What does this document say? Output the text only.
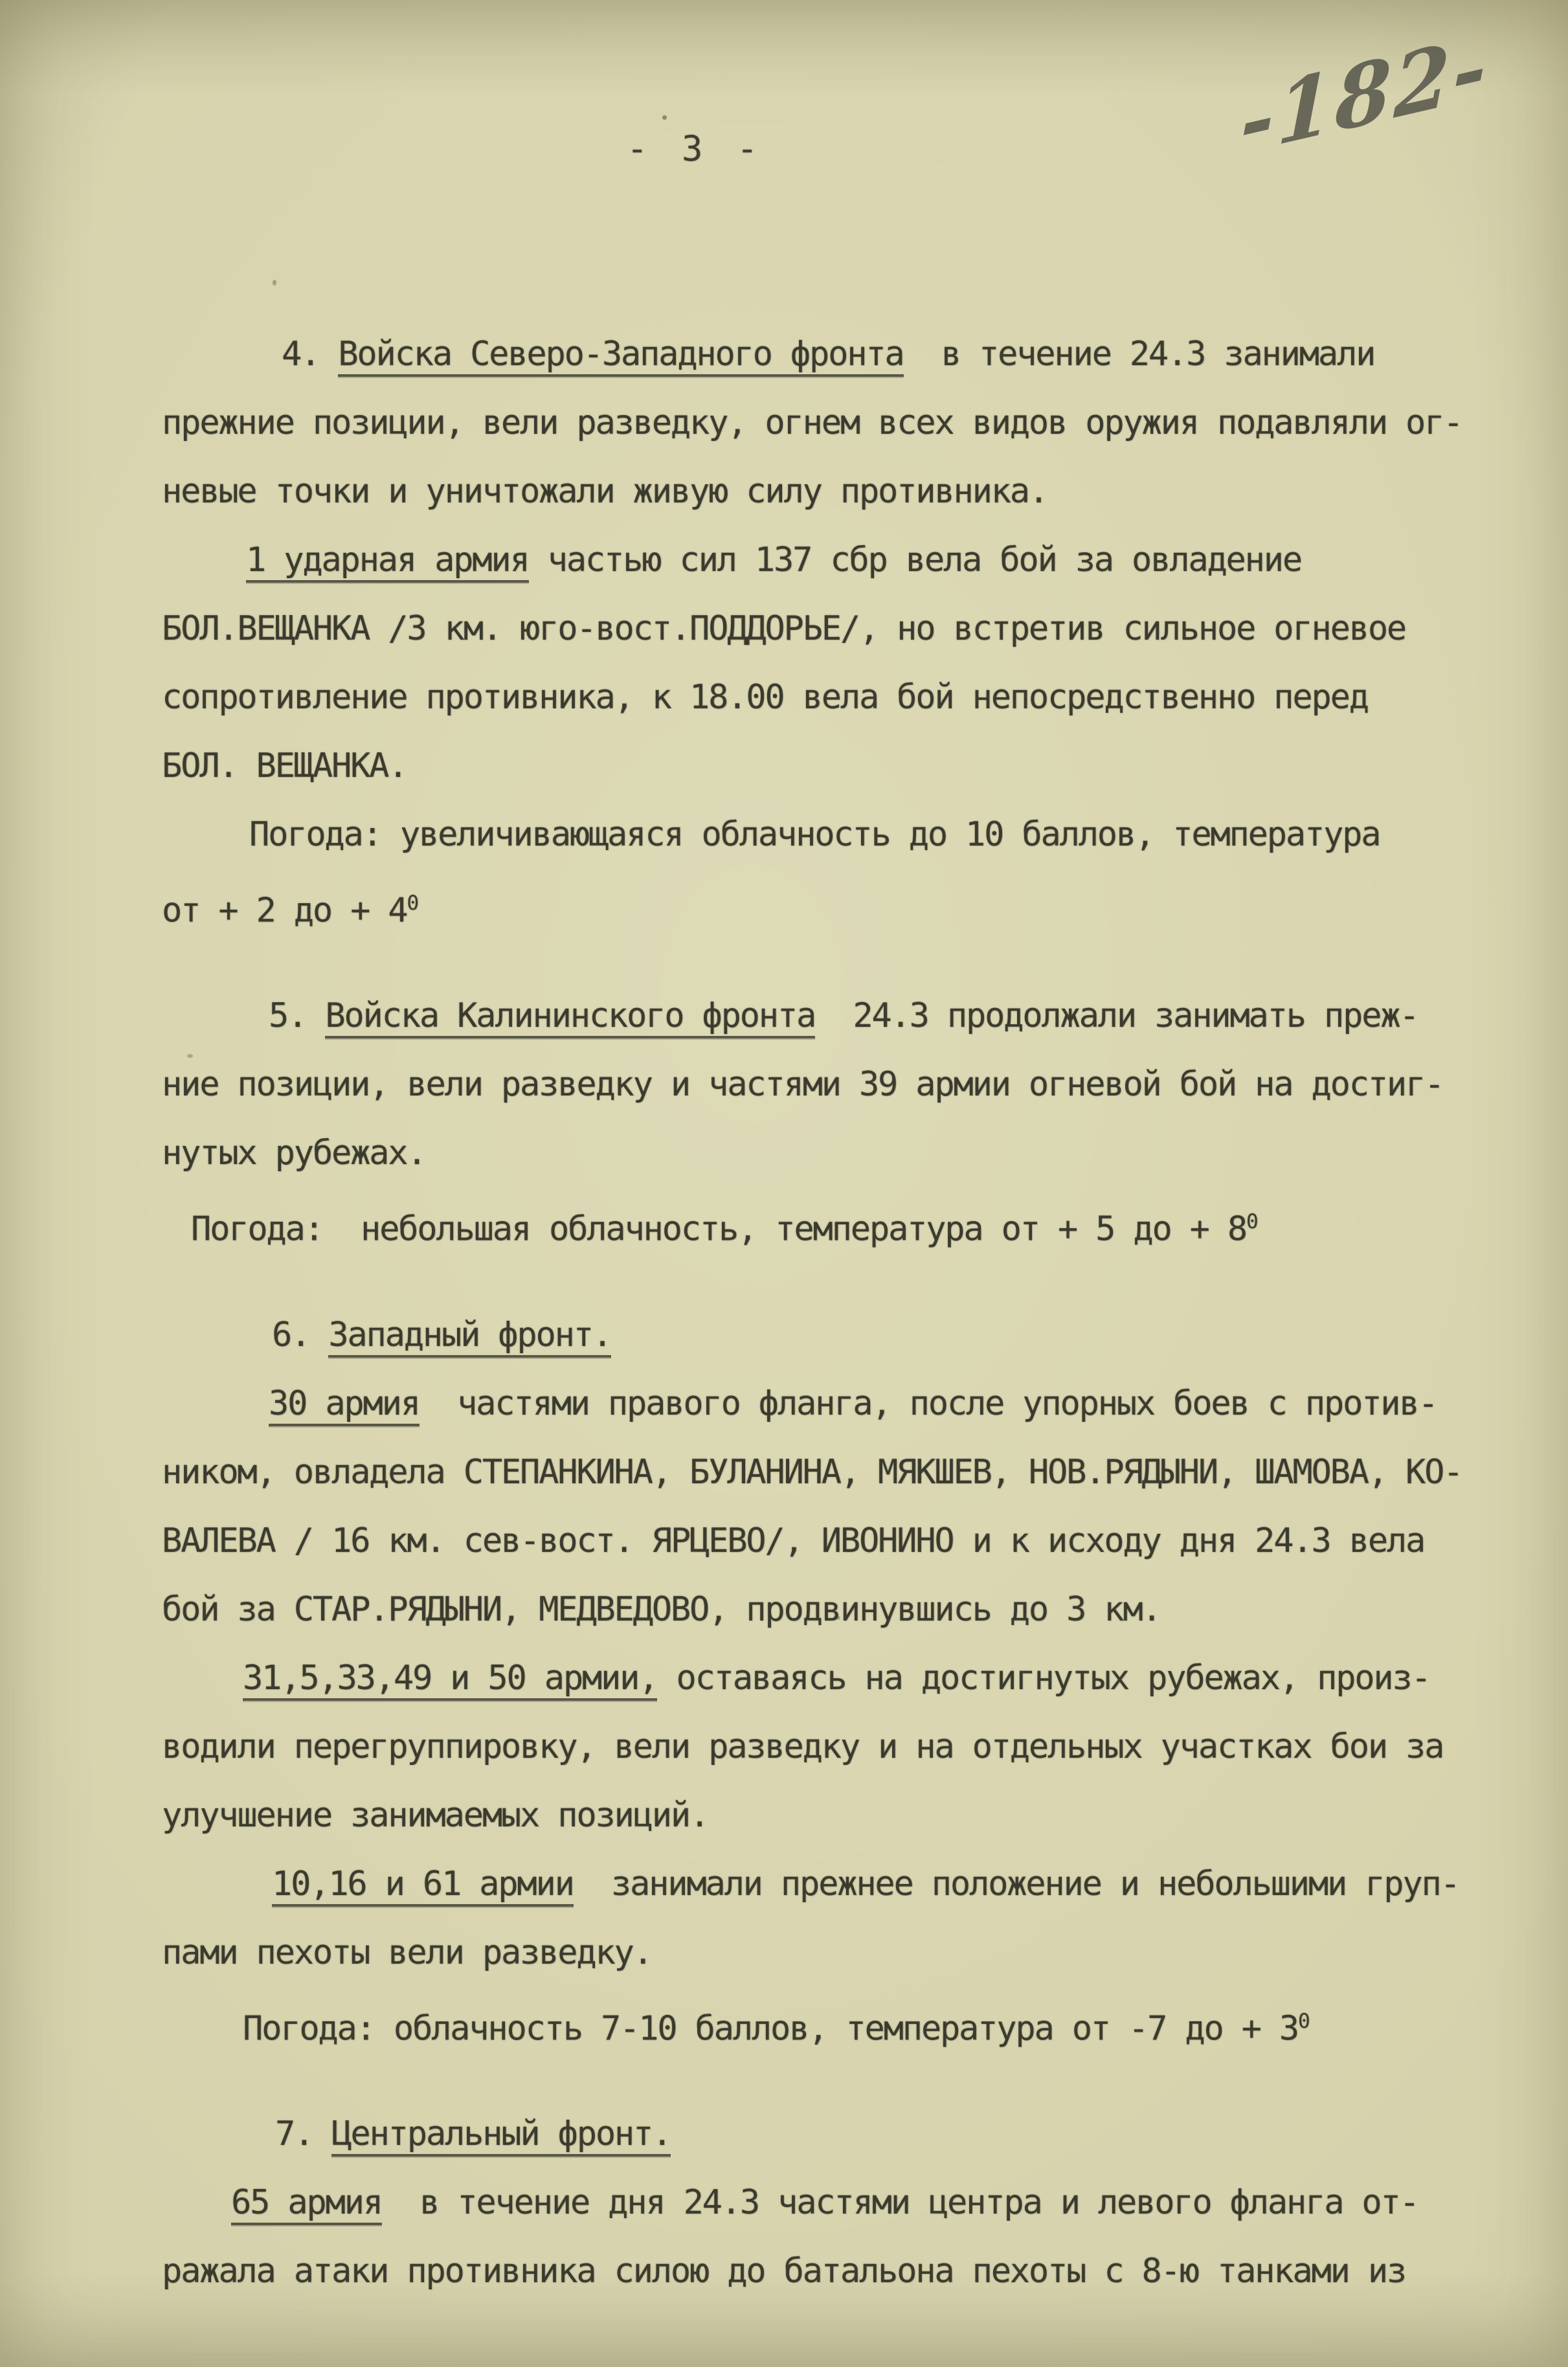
-182-
- 3 -
4. Войска Северо-Западного фронта  в течение 24.3 занимали
прежние позиции, вели разведку, огнем всех видов оружия подавляли ог-
невые точки и уничтожали живую силу противника.
1 ударная армия частью сил 137 сбр вела бой за овладение
БОЛ.ВЕЩАНКА /3 км. юго-вост.ПОДДОРЬЕ/, но встретив сильное огневое
сопротивление противника, к 18.00 вела бой непосредственно перед
БОЛ. ВЕЩАНКА.
Погода: увеличивающаяся облачность до 10 баллов, температура
от + 2 до + $4^0$
5. Войска Калининского фронта  24.3 продолжали занимать преж-
ние позиции, вели разведку и частями 39 армии огневой бой на достиг-
нутых рубежах.
Погода:  небольшая облачность, температура от + 5 до + $8^0$
6. Западный фронт.
30 армия  частями правого фланга, после упорных боев с против-
ником, овладела СТЕПАНКИНА, БУЛАНИНА, МЯКШЕВ, НОВ.РЯДЫНИ, ШАМОВА, КО-
ВАЛЕВА / 16 км. сев-вост. ЯРЦЕВО/, ИВОНИНО и к исходу дня 24.3 вела
бой за СТАР.РЯДЫНИ, МЕДВЕДОВО, продвинувшись до 3 км.
31,5,33,49 и 50 армии, оставаясь на достигнутых рубежах, произ-
водили перегруппировку, вели разведку и на отдельных участках бои за
улучшение занимаемых позиций.
10,16 и 61 армии  занимали прежнее положение и небольшими груп-
пами пехоты вели разведку.
Погода: облачность 7-10 баллов, температура от -7 до + $3^0$
7. Центральный фронт.
65 армия  в течение дня 24.3 частями центра и левого фланга от-
ражала атаки противника силою до батальона пехоты с 8-ю танками из
